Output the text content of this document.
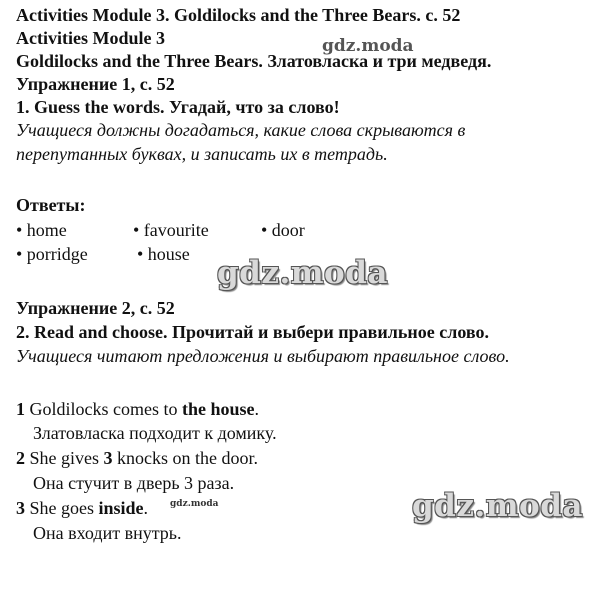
Activities Module 3. Goldilocks and the Three Bears. с. 52
Activities Module 3
Goldilocks and the Three Bears. Златовласка и три медведя.
Упражнение 1, с. 52
1. Guess the words. Угадай, что за слово!
Учащиеся должны догадаться, какие слова скрываются в
перепутанных буквах, и записать их в тетрадь.
Ответы:
• home	• favourite	• door
• porridge	• house
Упражнение 2, с. 52
2. Read and choose. Прочитай и выбери правильное слово.
Учащиеся читают предложения и выбирают правильное слово.
1 Goldilocks comes to the house.
Златовласка подходит к домику.
2 She gives 3 knocks on the door.
Она стучит в дверь 3 раза.
3 She goes inside.
Она входит внутрь.
gdz.moda
gdz.moda
gdz.moda
gdz.moda
